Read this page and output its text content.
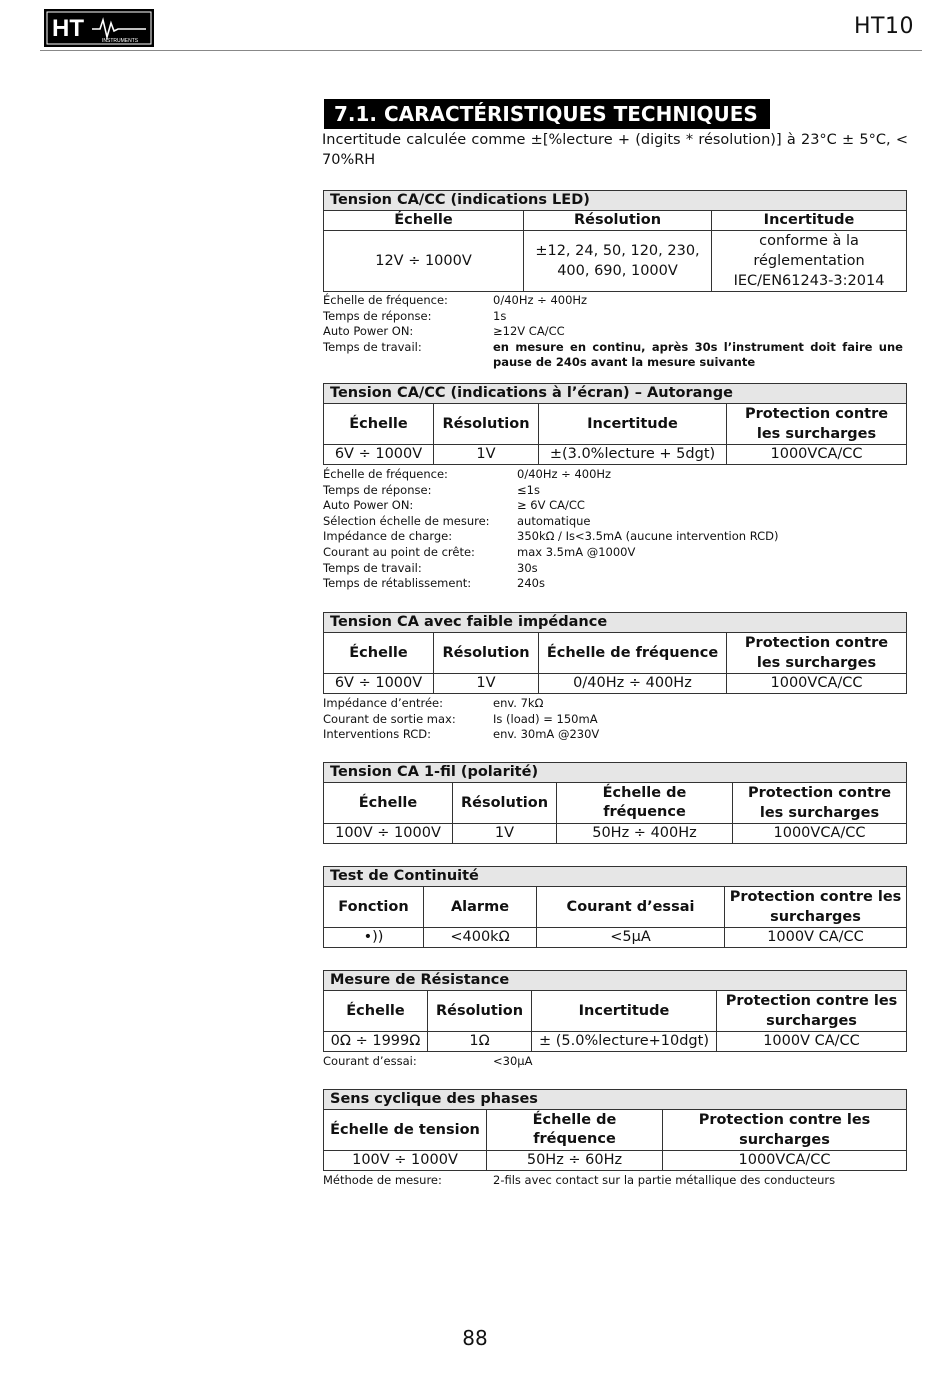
HT	INSTRUMENTS
HT10
7.1. CARACTÉRISTIQUES TECHNIQUES
Incertitude calculée comme ±[%lecture + (digits * résolution)] à 23°C ± 5°C, < 70%RH
Tension CA/CC (indications LED)		
Échelle	Résolution	Incertitude
12V ÷ 1000V	±12, 24, 50, 120, 230, 400, 690, 1000V	conforme à la réglementation IEC/EN61243-3:2014
Échelle de fréquence:	0/40Hz ÷ 400Hz
Temps de réponse:	1s
Auto Power ON:	≥12V CA/CC
Temps de travail:	en mesure en continu, après 30s l’instrument doit faire une pause de 240s avant la mesure suivante
Tension CA/CC (indications à l’écran) – Autorange			
Échelle	Résolution	Incertitude	Protection contre les surcharges
6V ÷ 1000V	1V	±(3.0%lecture + 5dgt)	1000VCA/CC
Échelle de fréquence:	0/40Hz ÷ 400Hz
Temps de réponse:	≤1s
Auto Power ON:	≥ 6V CA/CC
Sélection échelle de mesure:	automatique
Impédance de charge:	350kΩ / Is<3.5mA (aucune intervention RCD)
Courant au point de crête:	max 3.5mA @1000V
Temps de travail:	30s
Temps de rétablissement:	240s
Tension CA avec faible impédance			
Échelle	Résolution	Échelle de fréquence	Protection contre les surcharges
6V ÷ 1000V	1V	0/40Hz ÷ 400Hz	1000VCA/CC
Impédance d’entrée:	env. 7kΩ
Courant de sortie max:	Is (load) = 150mA
Interventions RCD:	env. 30mA @230V
Tension CA 1-fil (polarité)			
Échelle	Résolution	Échelle de fréquence	Protection contre les surcharges
100V ÷ 1000V	1V	50Hz ÷ 400Hz	1000VCA/CC
Test de Continuité			
Fonction	Alarme	Courant d’essai	Protection contre les surcharges
•))	<400kΩ	<5μA	1000V CA/CC
Mesure de Résistance			
Échelle	Résolution	Incertitude	Protection contre les surcharges
0Ω ÷ 1999Ω	1Ω	± (5.0%lecture+10dgt)	1000V CA/CC
Courant d’essai:	<30μA
Sens cyclique des phases		
Échelle de tension	Échelle de fréquence	Protection contre les surcharges
100V ÷ 1000V	50Hz ÷ 60Hz	1000VCA/CC
Méthode de mesure:	2-fils avec contact sur la partie métallique des conducteurs
88
